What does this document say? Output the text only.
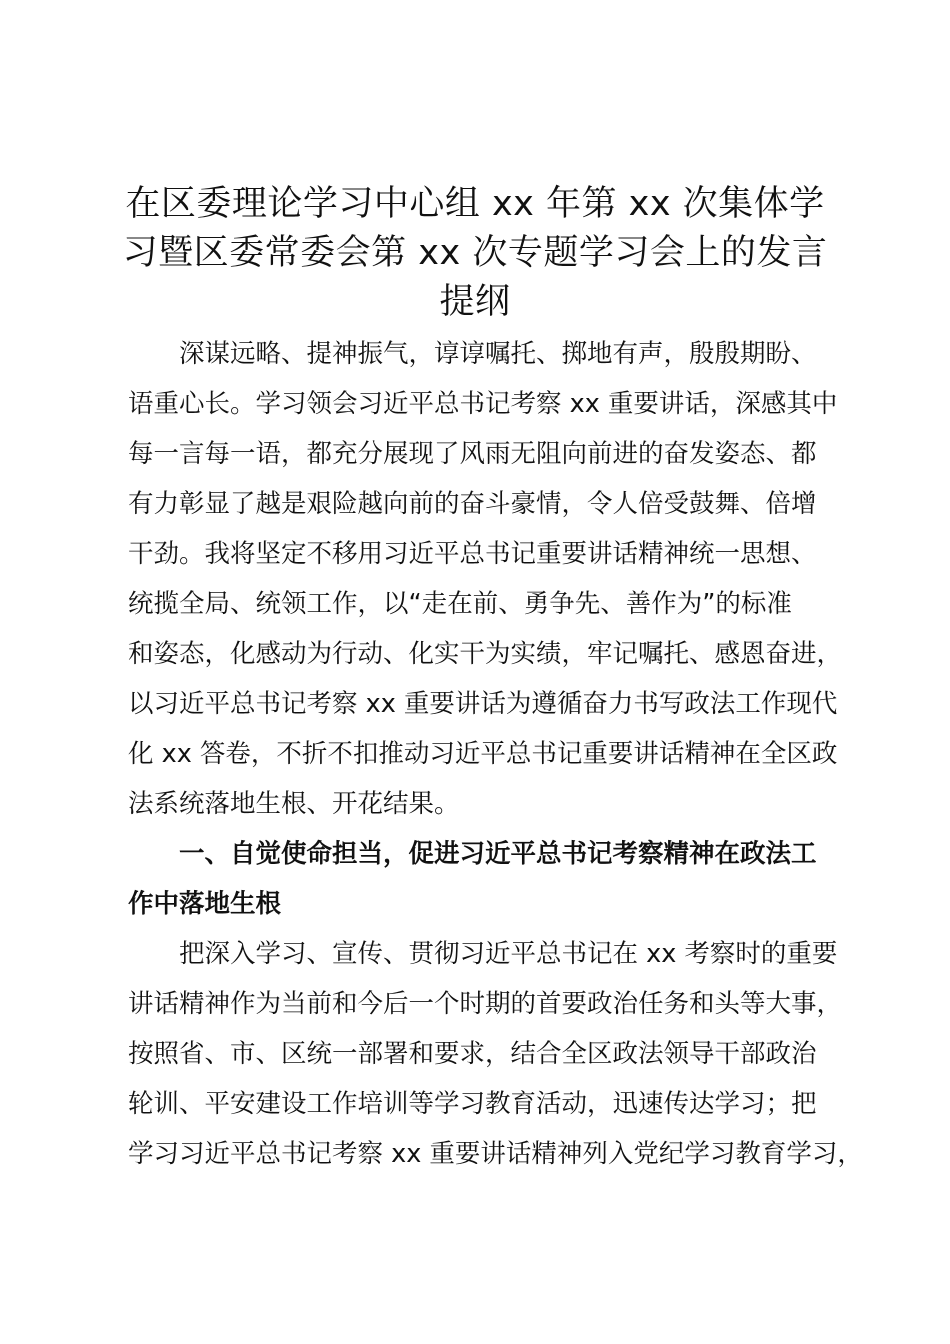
在区委理论学习中心组 xx 年第 xx 次集体学
习暨区委常委会第 xx 次专题学习会上的发言
提纲

深谋远略、提神振气，谆谆嘱托、掷地有声，殷殷期盼、
语重心长。学习领会习近平总书记考察 xx 重要讲话，深感其中
每一言每一语，都充分展现了风雨无阻向前进的奋发姿态、都
有力彰显了越是艰险越向前的奋斗豪情，令人倍受鼓舞、倍增
干劲。我将坚定不移用习近平总书记重要讲话精神统一思想、
统揽全局、统领工作，以“走在前、勇争先、善作为”的标准
和姿态，化感动为行动、化实干为实绩，牢记嘱托、感恩奋进，
以习近平总书记考察 xx 重要讲话为遵循奋力书写政法工作现代
化 xx 答卷，不折不扣推动习近平总书记重要讲话精神在全区政
法系统落地生根、开花结果。

一、自觉使命担当，促进习近平总书记考察精神在政法工
作中落地生根

把深入学习、宣传、贯彻习近平总书记在 xx 考察时的重要
讲话精神作为当前和今后一个时期的首要政治任务和头等大事，
按照省、市、区统一部署和要求，结合全区政法领导干部政治
轮训、平安建设工作培训等学习教育活动，迅速传达学习；把
学习习近平总书记考察 xx 重要讲话精神列入党纪学习教育学习，
